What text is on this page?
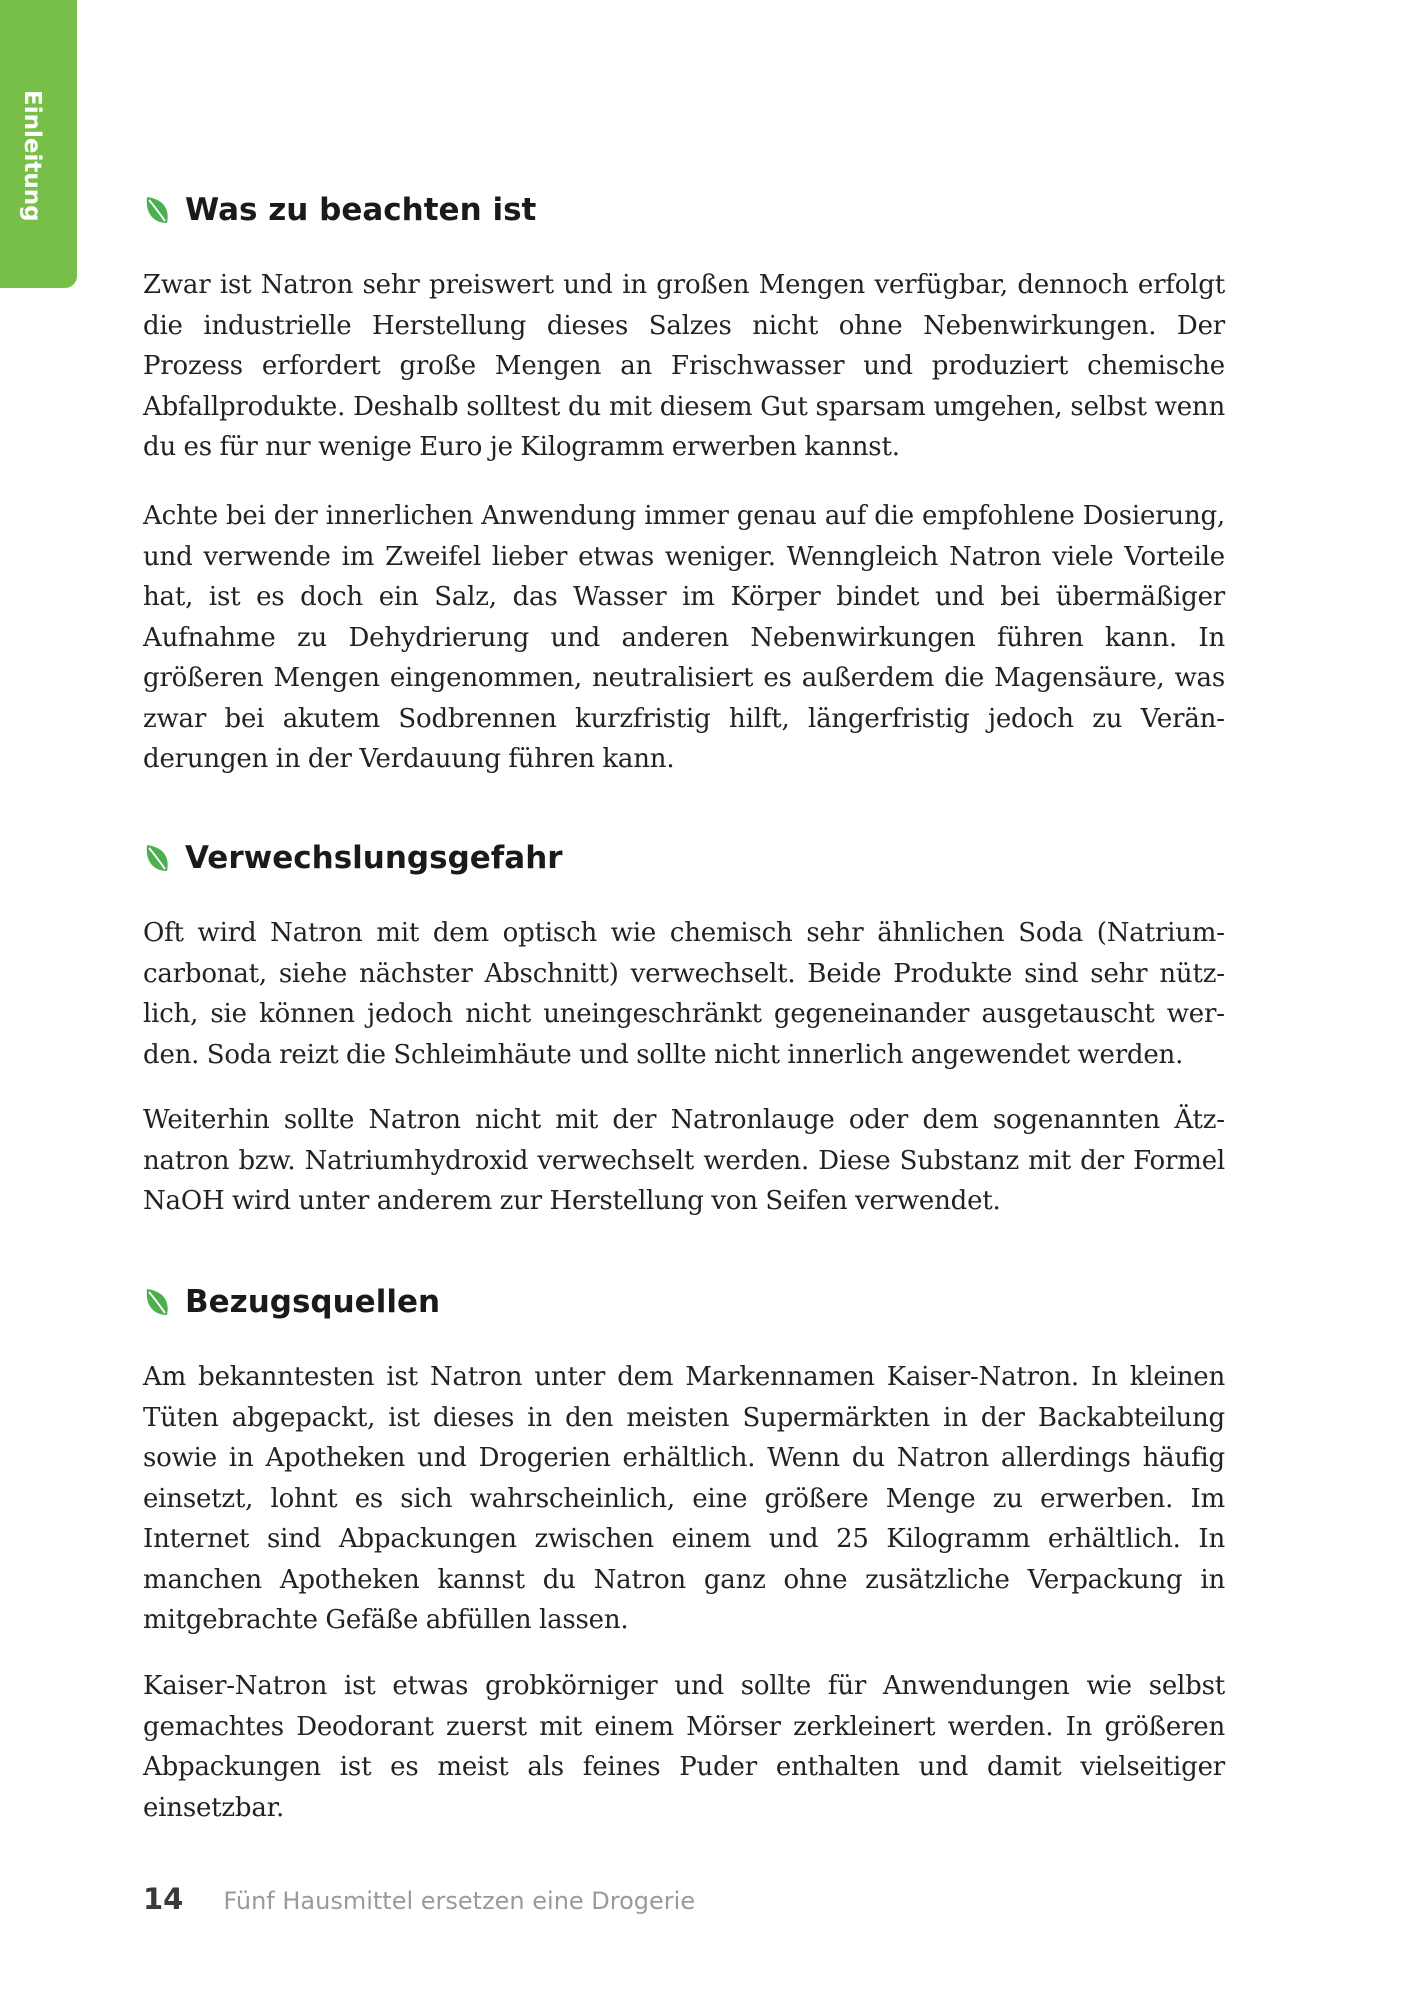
Einleitung	Was zu beachten ist

Zwar ist Natron sehr preiswert und in großen Mengen verfügbar, dennoch erfolgt die industrielle Herstellung dieses Salzes nicht ohne Nebenwirkungen. Der Prozess erfordert große Mengen an Frischwasser und produziert chemische Abfallprodukte. Deshalb solltest du mit diesem Gut sparsam umgehen, selbst wenn du es für nur wenige Euro je Kilogramm erwerben kannst.

Achte bei der innerlichen Anwendung immer genau auf die empfohlene Dosierung, und verwende im Zweifel lieber etwas weniger. Wenngleich Natron viele Vorteile hat, ist es doch ein Salz, das Wasser im Körper bindet und bei übermäßiger Aufnahme zu Dehydrierung und anderen Nebenwirkungen führen kann. In größeren Mengen eingenommen, neutralisiert es außerdem die Magensäure, was zwar bei akutem Sodbrennen kurzfristig hilft, längerfristig jedoch zu Veränderungen in der Verdauung führen kann.

Verwechslungsgefahr

Oft wird Natron mit dem optisch wie chemisch sehr ähnlichen Soda (Natriumcarbonat, siehe nächster Abschnitt) verwechselt. Beide Produkte sind sehr nützlich, sie können jedoch nicht uneingeschränkt gegeneinander ausgetauscht werden. Soda reizt die Schleimhäute und sollte nicht innerlich angewendet werden.

Weiterhin sollte Natron nicht mit der Natronlauge oder dem sogenannten Ätznatron bzw. Natriumhydroxid verwechselt werden. Diese Substanz mit der Formel NaOH wird unter anderem zur Herstellung von Seifen verwendet.

Bezugsquellen

Am bekanntesten ist Natron unter dem Markennamen Kaiser-Natron. In kleinen Tüten abgepackt, ist dieses in den meisten Supermärkten in der Backabteilung sowie in Apotheken und Drogerien erhältlich. Wenn du Natron allerdings häufig einsetzt, lohnt es sich wahrscheinlich, eine größere Menge zu erwerben. Im Internet sind Abpackungen zwischen einem und 25 Kilogramm erhältlich. In manchen Apotheken kannst du Natron ganz ohne zusätzliche Verpackung in mitgebrachte Gefäße abfüllen lassen.

Kaiser-Natron ist etwas grobkörniger und sollte für Anwendungen wie selbst gemachtes Deodorant zuerst mit einem Mörser zerkleinert werden. In größeren Abpackungen ist es meist als feines Puder enthalten und damit vielseitiger einsetzbar.

14 Fünf Hausmittel ersetzen eine Drogerie
